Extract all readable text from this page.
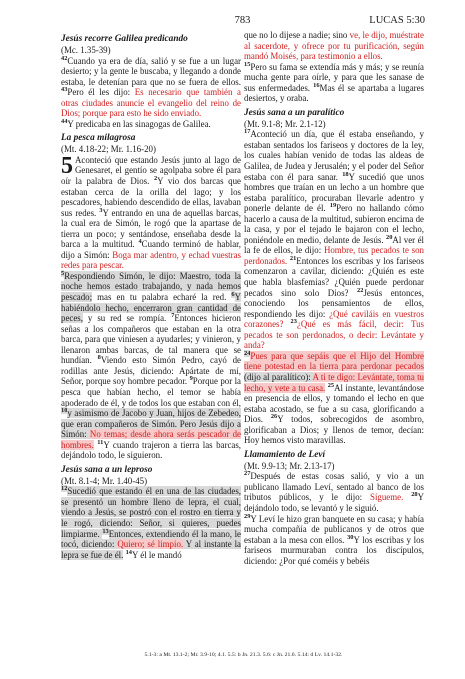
783	LUCAS 5:30
Jesús recorre Galilea predicando
(Mc. 1.35-39)

$^{42}$Cuando ya era de día, salió y se fue a un lugar desierto; y la gente le buscaba, y llegando a donde estaba, le detenían para que no se fuera de ellos. $^{43}$Pero él les dijo: Es necesario que también a otras ciudades anuncie el evangelio del reino de Dios; porque para esto he sido enviado.

$^{44}$Y predicaba en las sinagogas de Galilea.

La pesca milagrosa
(Mt. 4.18-22; Mr. 1.16-20)

5 Aconteció que estando Jesús junto al lago de Genesaret, el gentío se agolpaba sobre él para oír la palabra de Dios. $^2$Y vio dos barcas que estaban cerca de la orilla del lago; y los pescadores, habiendo descendido de ellas, lavaban sus redes. $^3$Y entrando en una de aquellas barcas, la cual era de Simón, le rogó que la apartase de tierra un poco; y sentándose, enseñaba desde la barca a la multitud. $^4$Cuando terminó de hablar, dijo a Simón: Boga mar adentro, y echad vuestras redes para pescar.

$^5$Respondiendo Simón, le dijo: Maestro, toda la noche hemos estado trabajando, y nada hemos pescado; mas en tu palabra echaré la red. $^6$Y habiéndolo hecho, encerraron gran cantidad de peces, y su red se rompía. $^7$Entonces hicieron señas a los compañeros que estaban en la otra barca, para que viniesen a ayudarles; y vinieron, y llenaron ambas barcas, de tal manera que se hundían. $^8$Viendo esto Simón Pedro, cayó de rodillas ante Jesús, diciendo: Apártate de mí, Señor, porque soy hombre pecador. $^9$Porque por la pesca que habían hecho, el temor se había apoderado de él, y de todos los que estaban con él, $^{10}$y asimismo de Jacobo y Juan, hijos de Zebedeo, que eran compañeros de Simón. Pero Jesús dijo a Simón: No temas; desde ahora serás pescador de hombres. $^{11}$Y cuando trajeron a tierra las barcas, dejándolo todo, le siguieron.

Jesús sana a un leproso
(Mt. 8.1-4; Mr. 1.40-45)

$^{12}$Sucedió que estando él en una de las ciudades, se presentó un hombre lleno de lepra, el cual, viendo a Jesús, se postró con el rostro en tierra y le rogó, diciendo: Señor, si quieres, puedes limpiarme. $^{13}$Entonces, extendiendo él la mano, le tocó, diciendo: Quiero; sé limpio. Y al instante la lepra se fue de él. $^{14}$Y él le mandó

que no lo dijese a nadie; sino ve, le dijo, muéstrate al sacerdote, y ofrece por tu purificación, según mandó Moisés, para testimonio a ellos.

$^{15}$Pero su fama se extendía más y más; y se reunía mucha gente para oírle, y para que les sanase de sus enfermedades. $^{16}$Mas él se apartaba a lugares desiertos, y oraba.

Jesús sana a un paralítico
(Mt. 9.1-8; Mr. 2.1-12)

$^{17}$Aconteció un día, que él estaba enseñando, y estaban sentados los fariseos y doctores de la ley, los cuales habían venido de todas las aldeas de Galilea, de Judea y Jerusalén; y el poder del Señor estaba con él para sanar. $^{18}$Y sucedió que unos hombres que traían en un lecho a un hombre que estaba paralítico, procuraban llevarle adentro y ponerle delante de él. $^{19}$Pero no hallando cómo hacerlo a causa de la multitud, subieron encima de la casa, y por el tejado le bajaron con el lecho, poniéndole en medio, delante de Jesús. $^{20}$Al ver él la fe de ellos, le dijo: Hombre, tus pecados te son perdonados. $^{21}$Entonces los escribas y los fariseos comenzaron a cavilar, diciendo: ¿Quién es este que habla blasfemias? ¿Quién puede perdonar pecados sino solo Dios? $^{22}$Jesús entonces, conociendo los pensamientos de ellos, respondiendo les dijo: ¿Qué caviláis en vuestros corazones? $^{23}$¿Qué es más fácil, decir: Tus pecados te son perdonados, o decir: Levántate y anda?

$^{24}$Pues para que sepáis que el Hijo del Hombre tiene potestad en la tierra para perdonar pecados (dijo al paralítico): A ti te digo: Levántate, toma tu lecho, y vete a tu casa. $^{25}$Al instante, levantándose en presencia de ellos, y tomando el lecho en que estaba acostado, se fue a su casa, glorificando a Dios. $^{26}$Y todos, sobrecogidos de asombro, glorificaban a Dios; y llenos de temor, decían: Hoy hemos visto maravillas.

Llamamiento de Leví
(Mt. 9.9-13; Mr. 2.13-17)

$^{27}$Después de estas cosas salió, y vio a un publicano llamado Leví, sentado al banco de los tributos públicos, y le dijo: Sígueme. $^{28}$Y dejándolo todo, se levantó y le siguió.

$^{29}$Y Leví le hizo gran banquete en su casa; y había mucha compañía de publicanos y de otros que estaban a la mesa con ellos. $^{30}$Y los escribas y los fariseos murmuraban contra los discípulos, diciendo: ¿Por qué coméis y bebéis

5.1-3: a Mt. 13.1-2; Mr. 3.9-10; 4.1. 5.5: b Jn. 21.3. 5.6: c Jn. 21.6. 5.14: d Lv. 14.1-32.
